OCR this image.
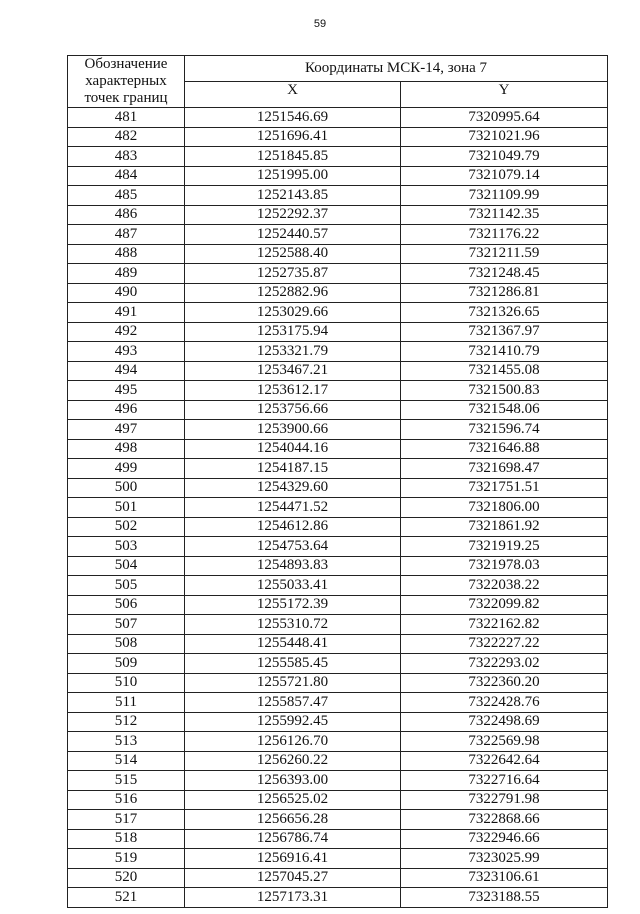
59
Обозначение
характерных
точек границ	Координаты МСК-14, зона 7	
	X	Y
481	1251546.69	7320995.64
482	1251696.41	7321021.96
483	1251845.85	7321049.79
484	1251995.00	7321079.14
485	1252143.85	7321109.99
486	1252292.37	7321142.35
487	1252440.57	7321176.22
488	1252588.40	7321211.59
489	1252735.87	7321248.45
490	1252882.96	7321286.81
491	1253029.66	7321326.65
492	1253175.94	7321367.97
493	1253321.79	7321410.79
494	1253467.21	7321455.08
495	1253612.17	7321500.83
496	1253756.66	7321548.06
497	1253900.66	7321596.74
498	1254044.16	7321646.88
499	1254187.15	7321698.47
500	1254329.60	7321751.51
501	1254471.52	7321806.00
502	1254612.86	7321861.92
503	1254753.64	7321919.25
504	1254893.83	7321978.03
505	1255033.41	7322038.22
506	1255172.39	7322099.82
507	1255310.72	7322162.82
508	1255448.41	7322227.22
509	1255585.45	7322293.02
510	1255721.80	7322360.20
511	1255857.47	7322428.76
512	1255992.45	7322498.69
513	1256126.70	7322569.98
514	1256260.22	7322642.64
515	1256393.00	7322716.64
516	1256525.02	7322791.98
517	1256656.28	7322868.66
518	1256786.74	7322946.66
519	1256916.41	7323025.99
520	1257045.27	7323106.61
521	1257173.31	7323188.55
